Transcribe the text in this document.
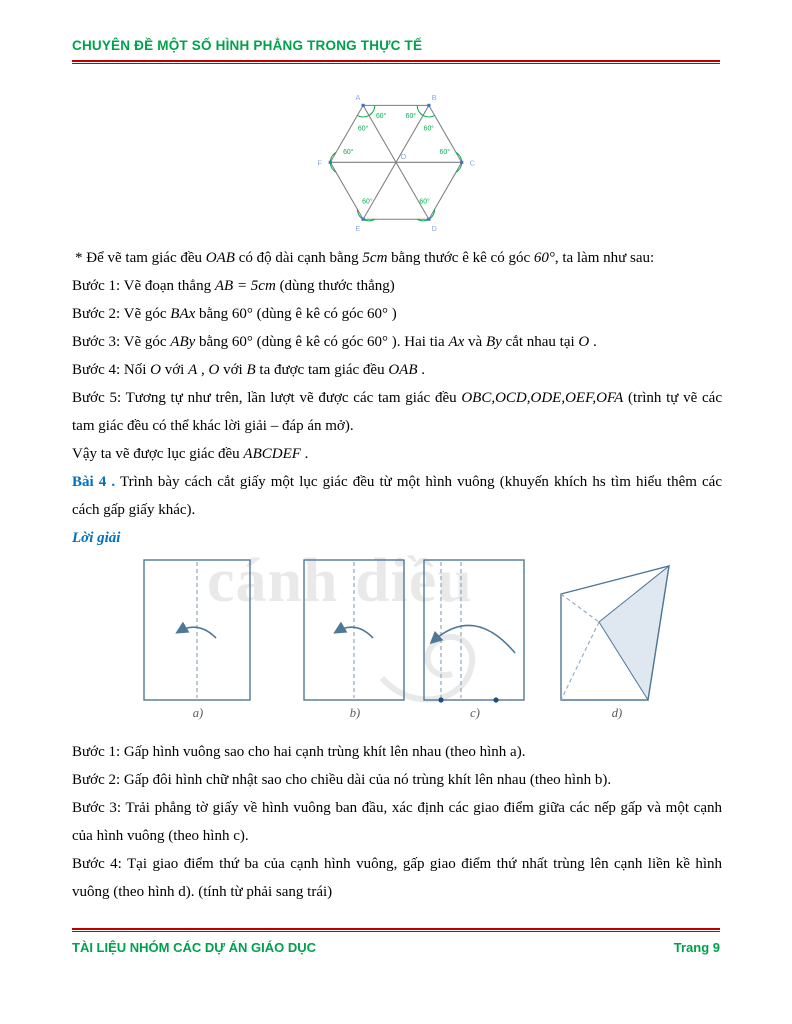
CHUYÊN ĐỀ MỘT SỐ HÌNH PHẲNG TRONG THỰC TẾ
A	B
C
D
E
F
O
60°
60°
60°
60°
60°
60°
60°	60°

* Để vẽ tam giác đều OAB có độ dài cạnh bằng 5cm bằng thước ê kê có góc 60°, ta làm như sau:

Bước 1: Vẽ đoạn thẳng AB = 5cm (dùng thước thẳng)

Bước 2: Vẽ góc BAx bằng 60° (dùng ê kê có góc 60° )

Bước 3: Vẽ góc ABy bằng 60° (dùng ê kê có góc 60° ). Hai tia Ax và By cắt nhau tại O .

Bước 4: Nối O với A , O với B ta được tam giác đều OAB .

Bước 5: Tương tự như trên, lần lượt vẽ được các tam giác đều OBC,OCD,ODE,OEF,OFA (trình tự vẽ các tam giác đều có thể khác lời giải – đáp án mở).

Vậy ta vẽ được lục giác đều ABCDEF .

Bài 4 . Trình bày cách cắt giấy một lục giác đều từ một hình vuông (khuyến khích hs tìm hiểu thêm các cách gấp giấy khác).

Lời giải

cánh diều
a)	b)	c)	d)

Bước 1: Gấp hình vuông sao cho hai cạnh trùng khít lên nhau (theo hình a).

Bước 2: Gấp đôi hình chữ nhật sao cho chiều dài của nó trùng khít lên nhau (theo hình b).

Bước 3: Trải phẳng tờ giấy về hình vuông ban đầu, xác định các giao điểm giữa các nếp gấp và một cạnh của hình vuông (theo hình c).

Bước 4: Tại giao điểm thứ ba của cạnh hình vuông, gấp giao điểm thứ nhất trùng lên cạnh liền kề hình vuông (theo hình d). (tính từ phải sang trái)

TÀI LIỆU NHÓM CÁC DỰ ÁN GIÁO DỤC	Trang 9
